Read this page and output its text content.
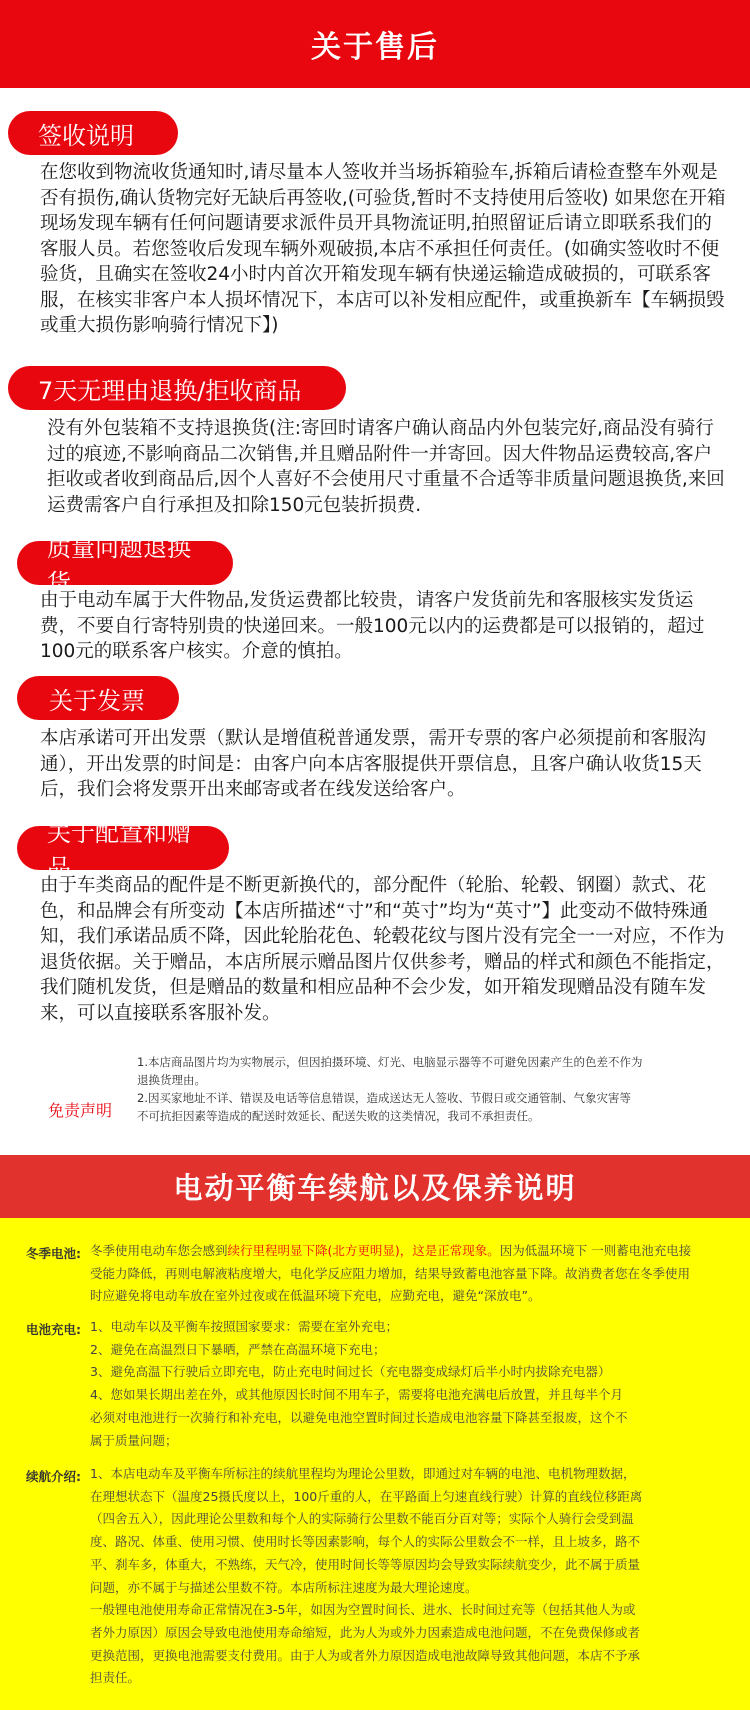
关于售后
签收说明

在您收到物流收货通知时,请尽量本人签收并当场拆箱验车,拆箱后请检查整车外观是否有损伤,确认货物完好无缺后再签收,(可验货,暂时不支持使用后签收) 如果您在开箱现场发现车辆有任何问题请要求派件员开具物流证明,拍照留证后请立即联系我们的客服人员。若您签收后发现车辆外观破损,本店不承担任何责任。(如确实签收时不便验货，且确实在签收24小时内首次开箱发现车辆有快递运输造成破损的，可联系客服，在核实非客户本人损坏情况下，本店可以补发相应配件，或重换新车【车辆损毁或重大损伤影响骑行情况下】)

7天无理由退换/拒收商品

没有外包装箱不支持退换货(注:寄回时请客户确认商品内外包装完好,商品没有骑行过的痕迹,不影响商品二次销售,并且赠品附件一并寄回。因大件物品运费较高,客户拒收或者收到商品后,因个人喜好不会使用尺寸重量不合适等非质量问题退换货,来回运费需客户自行承担及扣除150元包装折损费.

质量问题退换货

由于电动车属于大件物品,发货运费都比较贵，请客户发货前先和客服核实发货运费，不要自行寄特别贵的快递回来。一般100元以内的运费都是可以报销的，超过100元的联系客户核实。介意的慎拍。

关于发票

本店承诺可开出发票（默认是增值税普通发票，需开专票的客户必须提前和客服沟通），开出发票的时间是：由客户向本店客服提供开票信息，且客户确认收货15天后，我们会将发票开出来邮寄或者在线发送给客户。

关于配置和赠品

由于车类商品的配件是不断更新换代的，部分配件（轮胎、轮毂、钢圈）款式、花色，和品牌会有所变动【本店所描述“寸”和“英寸”均为“英寸”】此变动不做特殊通知，我们承诺品质不降，因此轮胎花色、轮毂花纹与图片没有完全一一对应，不作为退货依据。关于赠品，本店所展示赠品图片仅供参考，赠品的样式和颜色不能指定，我们随机发货，但是赠品的数量和相应品种不会少发，如开箱发现赠品没有随车发来，可以直接联系客服补发。

免责声明

1.本店商品图片均为实物展示，但因拍摄环境、灯光、电脑显示器等不可避免因素产生的色差不作为

退换货理由。

2.因买家地址不详、错误及电话等信息错误，造成送达无人签收、节假日或交通管制、气象灾害等

不可抗拒因素等造成的配送时效延长、配送失败的这类情况，我司不承担责任。

电动平衡车续航以及保养说明
冬季电池: 冬季使用电动车您会感到续行里程明显下降(北方更明显)，这是正常现象。因为低温环境下 一则蓄电池充电接

受能力降低，再则电解液粘度增大，电化学反应阻力增加，结果导致蓄电池容量下降。故消费者您在冬季使用

时应避免将电动车放在室外过夜或在低温环境下充电，应勤充电，避免“深放电”。

电池充电: 1、电动车以及平衡车按照国家要求：需要在室外充电；

2、避免在高温烈日下暴晒，严禁在高温环境下充电；

3、避免高温下行驶后立即充电，防止充电时间过长（充电器变成绿灯后半小时内拔除充电器）

4、您如果长期出差在外，或其他原因长时间不用车子，需要将电池充满电后放置，并且每半个月

必须对电池进行一次骑行和补充电，以避免电池空置时间过长造成电池容量下降甚至报废，这个不

属于质量问题；

续航介绍: 1、本店电动车及平衡车所标注的续航里程均为理论公里数，即通过对车辆的电池、电机物理数据，

在理想状态下（温度25摄氏度以上，100斤重的人，在平路面上匀速直线行驶）计算的直线位移距离

（四舍五入），因此理论公里数和每个人的实际骑行公里数不能百分百对等；实际个人骑行会受到温

度、路况、体重、使用习惯、使用时长等因素影响，每个人的实际公里数会不一样，且上坡多，路不

平、刹车多，体重大，不熟练，天气冷，使用时间长等等原因均会导致实际续航变少，此不属于质量

问题，亦不属于与描述公里数不符。本店所标注速度为最大理论速度。

一般锂电池使用寿命正常情况在3-5年，如因为空置时间长、进水、长时间过充等（包括其他人为或

者外力原因）原因会导致电池使用寿命缩短，此为人为或外力因素造成电池问题，不在免费保修或者

更换范围，更换电池需要支付费用。由于人为或者外力原因造成电池故障导致其他问题，本店不予承

担责任。
